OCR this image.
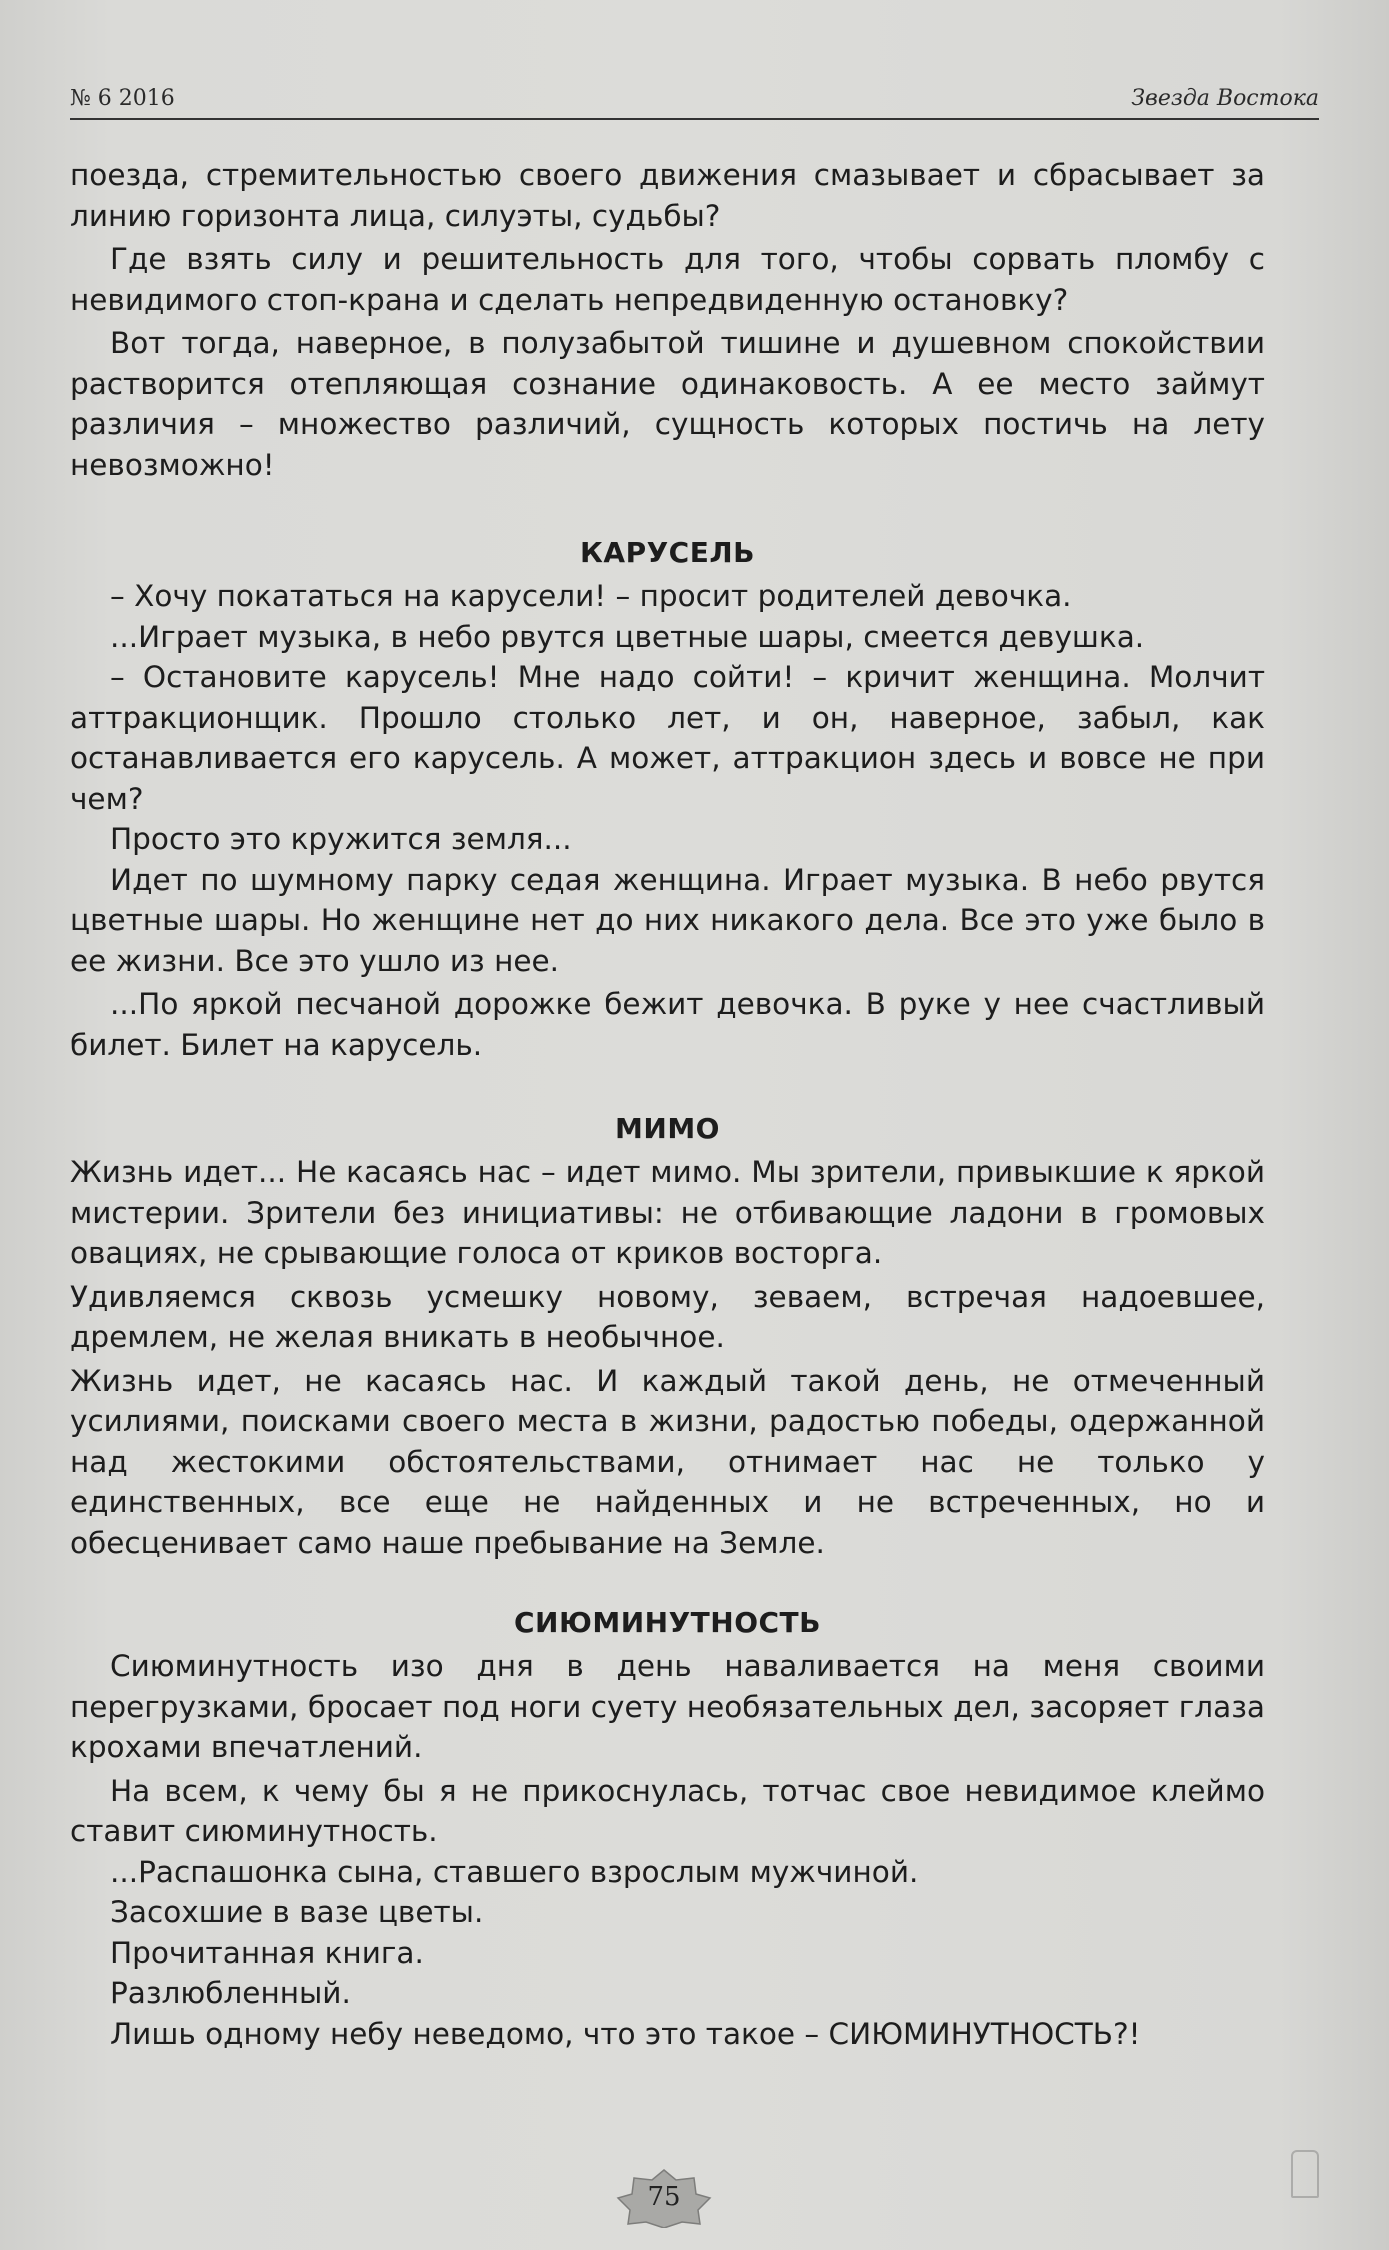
№ 6 2016	Звезда Востока

поезда, стремительностью своего движения смазывает и сбрасывает за линию горизонта лица, силуэты, судьбы?

Где взять силу и решительность для того, чтобы сорвать пломбу с невидимого стоп-крана и сделать непредвиденную остановку?

Вот тогда, наверное, в полузабытой тишине и душевном спокойствии растворится отепляющая сознание одинаковость. А ее место займут различия – множество различий, сущность которых постичь на лету невозможно!

КАРУСЕЛЬ

– Хочу покататься на карусели! – просит родителей девочка.

...Играет музыка, в небо рвутся цветные шары, смеется девушка.

– Остановите карусель! Мне надо сойти! – кричит женщина. Молчит аттракционщик. Прошло столько лет, и он, наверное, забыл, как останавливается его карусель. А может, аттракцион здесь и вовсе не при чем?

Просто это кружится земля...

Идет по шумному парку седая женщина. Играет музыка. В небо рвутся цветные шары. Но женщине нет до них никакого дела. Все это уже было в ее жизни. Все это ушло из нее.

...По яркой песчаной дорожке бежит девочка. В руке у нее счастливый билет. Билет на карусель.

МИМО

Жизнь идет... Не касаясь нас – идет мимо. Мы зрители, привыкшие к яркой мистерии. Зрители без инициативы: не отбивающие ладони в громовых овациях, не срывающие голоса от криков восторга.

Удивляемся сквозь усмешку новому, зеваем, встречая надоевшее, дремлем, не желая вникать в необычное.

Жизнь идет, не касаясь нас. И каждый такой день, не отмеченный усилиями, поисками своего места в жизни, радостью победы, одержанной над жестокими обстоятельствами, отнимает нас не только у единственных, все еще не найденных и не встреченных, но и обесценивает само наше пребывание на Земле.

СИЮМИНУТНОСТЬ

Сиюминутность изо дня в день наваливается на меня своими перегрузками, бросает под ноги суету необязательных дел, засоряет глаза крохами впечатлений.

На всем, к чему бы я не прикоснулась, тотчас свое невидимое клеймо ставит сиюминутность.

...Распашонка сына, ставшего взрослым мужчиной.

Засохшие в вазе цветы.

Прочитанная книга.

Разлюбленный.

Лишь одному небу неведомо, что это такое – СИЮМИНУТНОСТЬ?!

75
